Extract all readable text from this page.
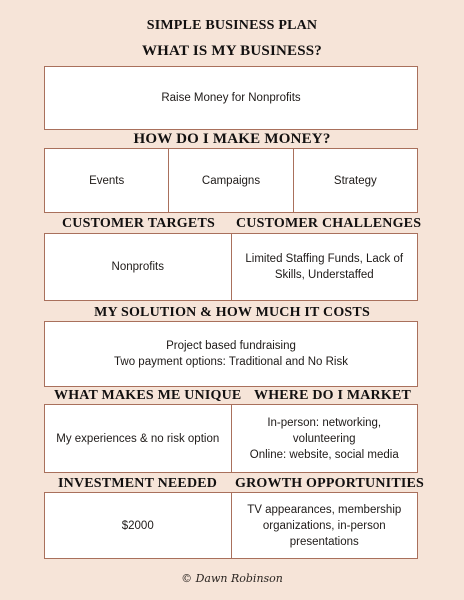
SIMPLE BUSINESS PLAN
WHAT IS MY BUSINESS?
Raise Money for Nonprofits
HOW DO I MAKE MONEY?
Events	Campaigns	Strategy
CUSTOMER TARGETS CUSTOMER CHALLENGES
Nonprofits
Limited Staffing Funds, Lack of
Skills, Understaffed
MY SOLUTION & HOW MUCH IT COSTS
Project based fundraising
Two payment options: Traditional and No Risk
WHAT MAKES ME UNIQUE WHERE DO I MARKET
My experiences & no risk option
In-person: networking, volunteering
Online: website, social media
INVESTMENT NEEDED GROWTH OPPORTUNITIES
$2000
TV appearances, membership
organizations, in-person
presentations
© Dawn Robinson
